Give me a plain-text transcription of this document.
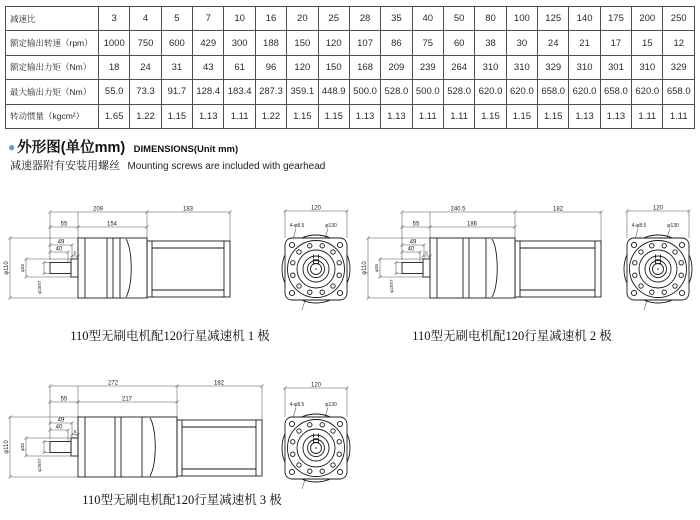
减速比	3	4	5	7	10	16	20	25	28	35	40	50	80	100	125	140	175	200	250
额定输出转速（rpm）	1000	750	600	429	300	188	150	120	107	86	75	60	38	30	24	21	17	15	12
额定输出力矩（Nm）	18	24	31	43	61	96	120	150	168	209	239	264	310	310	329	310	301	310	329
最大输出力矩（Nm）	55.0	73.3	91.7	128.4	183.4	287.3	359.1	448.9	500.0	528.0	500.0	528.0	620.0	620.0	658.0	620.0	658.0	620.0	658.0
转动惯量（kgcm²）	1.65	1.22	1.15	1.13	1.11	1.22	1.15	1.15	1.13	1.13	1.11	1.11	1.15	1.15	1.15	1.13	1.13	1.11	1.11
● 外形图(单位mm) DIMENSIONS(Unit mm)
减速器附有安装用螺丝 Mounting screws are included with gearhead
209	183
55	154
49
40
5
φ110 φ35
φ25h7
120
4-φ8.5	φ130
110型无刷电机配120行星减速机 1 极
240.5	182
55	186
49
40
5
φ110 φ35
φ25h7
120
4-φ8.5	φ130
110型无刷电机配120行星减速机 2 极
272	182
55	217
49
40
5
φ110 φ35
φ25h7
120
4-φ8.5	φ130
110型无刷电机配120行星减速机 3 极
